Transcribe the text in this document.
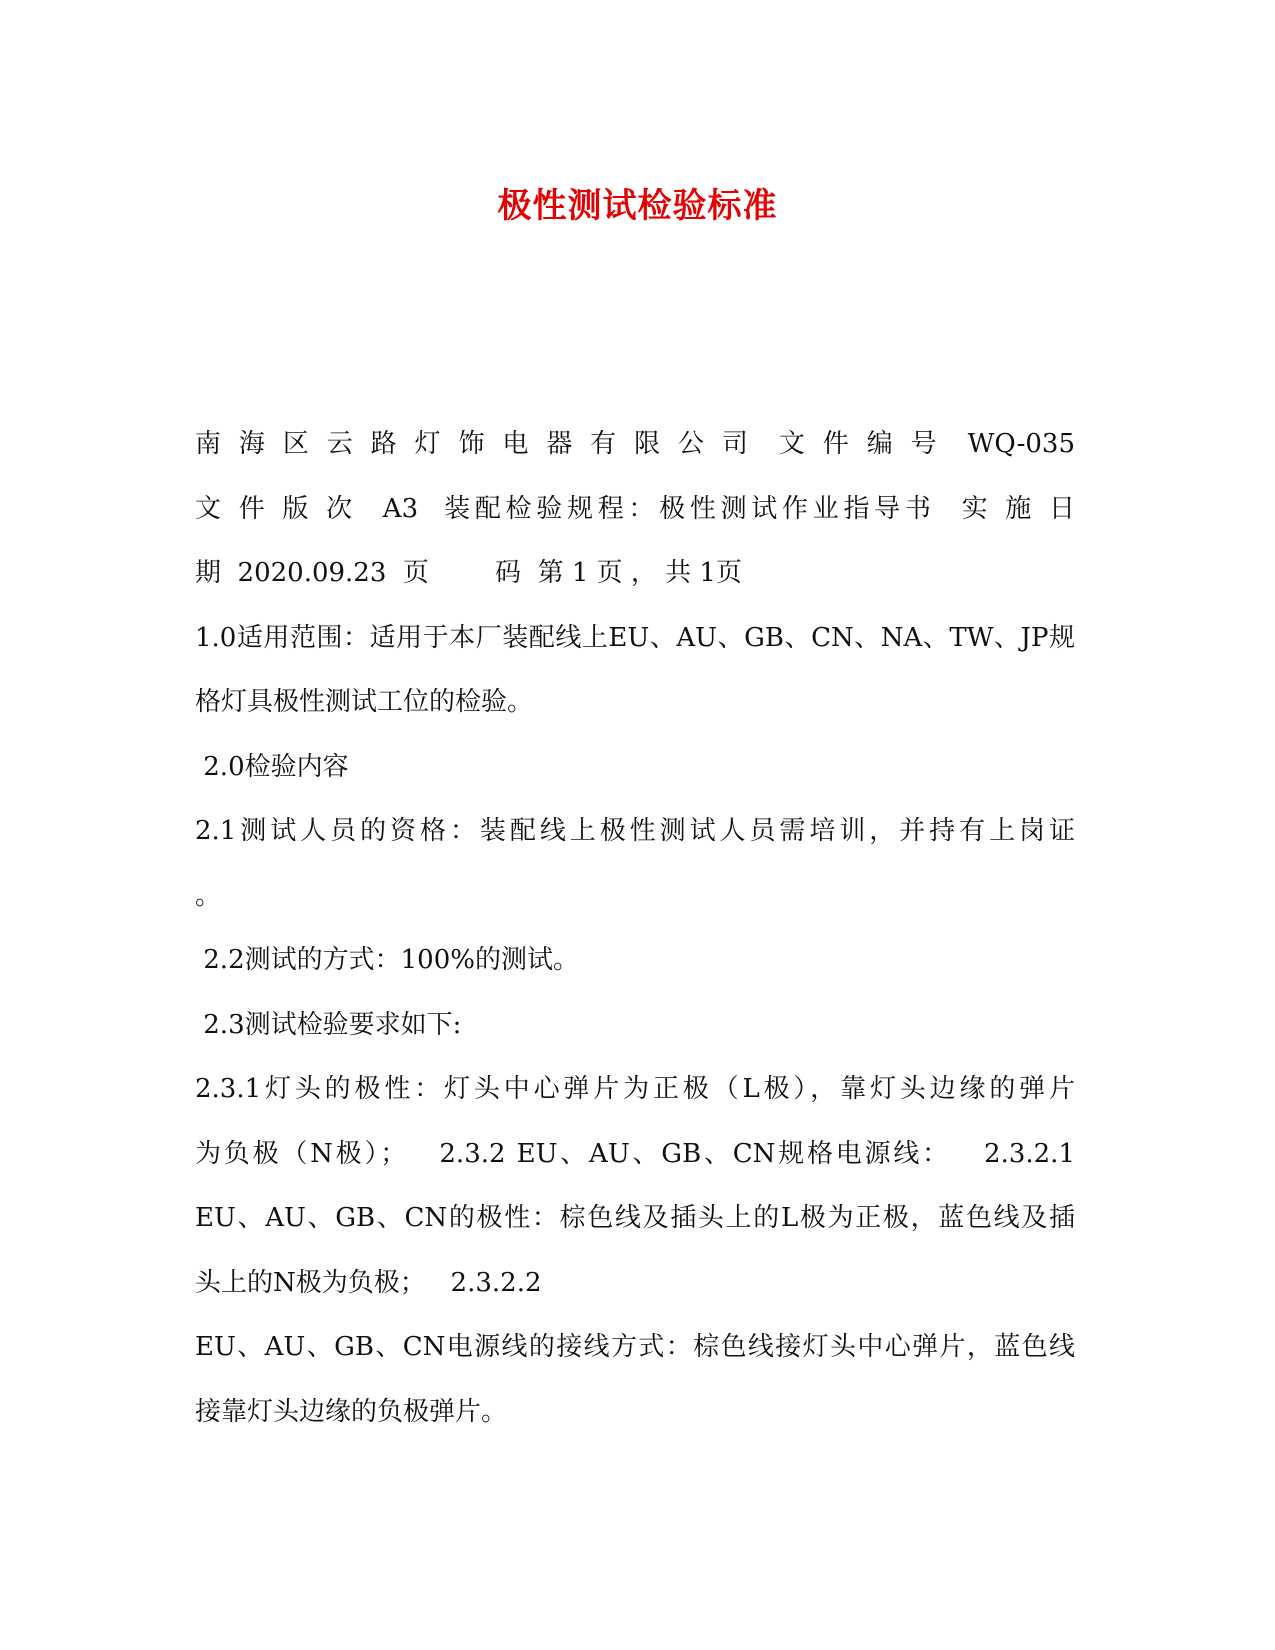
极性测试检验标准
南 海 区 云 路 灯 饰 电 器 有 限 公 司  文 件 编 号  WQ-035
文 件 版 次  A3  装配检验规程：极性测试作业指导书  实 施 日
期  2020.09.23  页        码  第 1 页 ， 共 1页
1.0适用范围：适用于本厂装配线上EU、AU、GB、CN、NA、TW、JP规
格灯具极性测试工位的检验。
2.0检验内容
2.1测试人员的资格：装配线上极性测试人员需培训，并持有上岗证
。
2.2测试的方式：100%的测试。
2.3测试检验要求如下:
2.3.1灯头的极性：灯头中心弹片为正极（L极），靠灯头边缘的弹片
为负极（N极）；   2.3.2 EU、AU、GB、CN规格电源线：   2.3.2.1
EU、AU、GB、CN的极性：棕色线及插头上的L极为正极，蓝色线及插
头上的N极为负极；   2.3.2.2
EU、AU、GB、CN电源线的接线方式：棕色线接灯头中心弹片，蓝色线
接靠灯头边缘的负极弹片。
